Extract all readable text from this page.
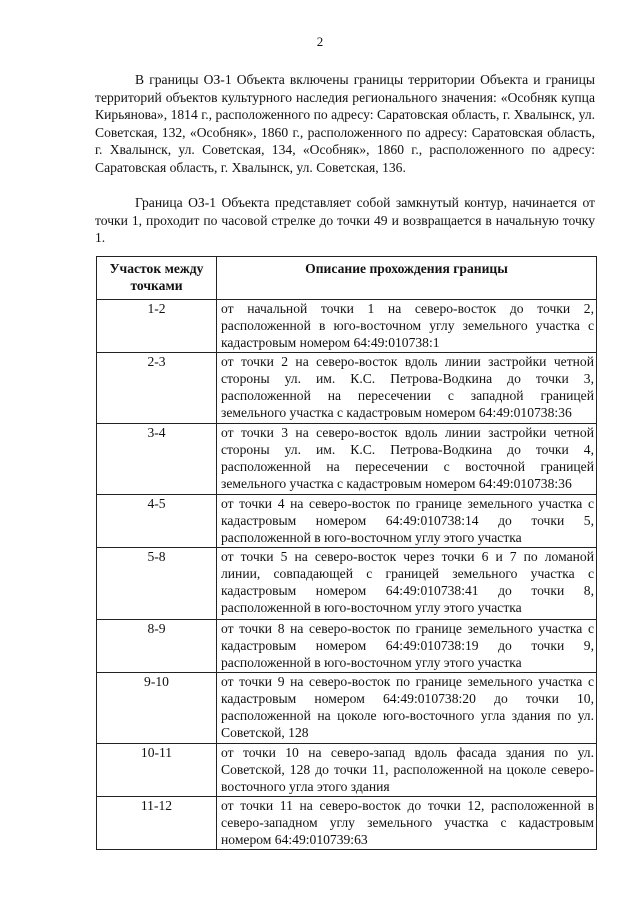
2

В границы ОЗ-1 Объекта включены границы территории Объекта и границы территорий объектов культурного наследия регионального значения: «Особняк купца Кирьянова», 1814 г., расположенного по адресу: Саратовская область, г. Хвалынск, ул. Советская, 132, «Особняк», 1860 г., расположенного по адресу: Саратовская область, г. Хвалынск, ул. Советская, 134, «Особняк», 1860 г., расположенного по адресу: Саратовская область, г. Хвалынск, ул. Советская, 136.

Граница ОЗ-1 Объекта представляет собой замкнутый контур, начинается от точки 1, проходит по часовой стрелке до точки 49 и возвращается в начальную точку 1.

Участок между точками	Описание прохождения границы
1-2	от начальной точки 1 на северо-восток до точки 2, расположенной в юго-восточном углу земельного участка с кадастровым номером 64:49:010738:1
2-3	от точки 2 на северо-восток вдоль линии застройки четной стороны ул. им. К.С. Петрова-Водкина до точки 3, расположенной на пересечении с западной границей земельного участка с кадастровым номером 64:49:010738:36
3-4	от точки 3 на северо-восток вдоль линии застройки четной стороны ул. им. К.С. Петрова-Водкина до точки 4, расположенной на пересечении с восточной границей земельного участка с кадастровым номером 64:49:010738:36
4-5	от точки 4 на северо-восток по границе земельного участка с кадастровым номером 64:49:010738:14 до точки 5, расположенной в юго-восточном углу этого участка
5-8	от точки 5 на северо-восток через точки 6 и 7 по ломаной линии, совпадающей с границей земельного участка с кадастровым номером 64:49:010738:41 до точки 8, расположенной в юго-восточном углу этого участка
8-9	от точки 8 на северо-восток по границе земельного участка с кадастровым номером 64:49:010738:19 до точки 9, расположенной в юго-восточном углу этого участка
9-10	от точки 9 на северо-восток по границе земельного участка с кадастровым номером 64:49:010738:20 до точки 10, расположенной на цоколе юго-восточного угла здания по ул. Советской, 128
10-11	от точки 10 на северо-запад вдоль фасада здания по ул. Советской, 128 до точки 11, расположенной на цоколе северо-восточного угла этого здания
11-12	от точки 11 на северо-восток до точки 12, расположенной в северо-западном углу земельного участка с кадастровым номером 64:49:010739:63
